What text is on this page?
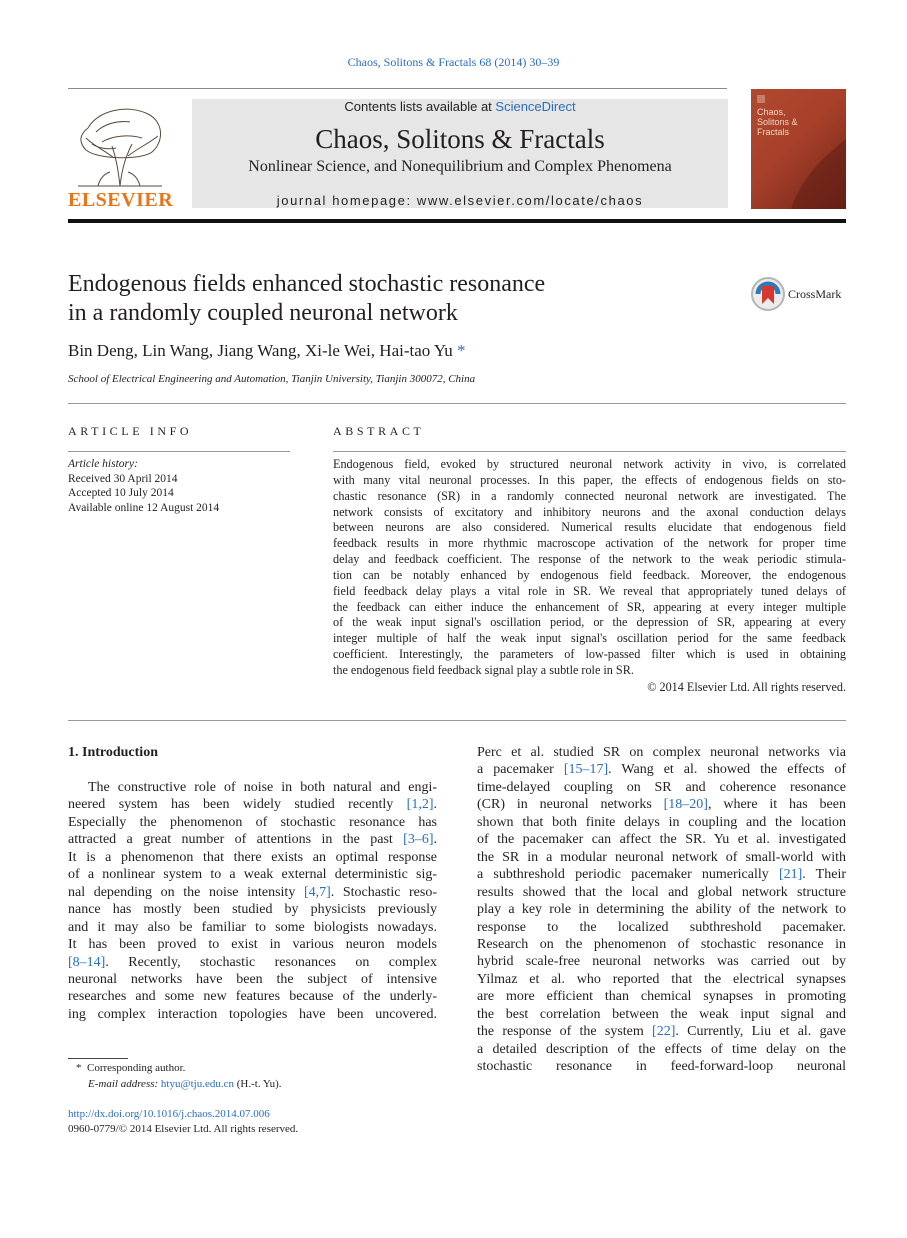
Chaos, Solitons & Fractals 68 (2014) 30–39
ELSEVIER
Contents lists available at ScienceDirect
Chaos, Solitons & Fractals
Nonlinear Science, and Nonequilibrium and Complex Phenomena
journal homepage: www.elsevier.com/locate/chaos
Chaos, Solitons & Fractals
Endogenous fields enhanced stochastic resonance
in a randomly coupled neuronal network
CrossMark
Bin Deng, Lin Wang, Jiang Wang, Xi-le Wei, Hai-tao Yu *
School of Electrical Engineering and Automation, Tianjin University, Tianjin 300072, China
ARTICLE INFO
Article history:
Received 30 April 2014
Accepted 10 July 2014
Available online 12 August 2014
ABSTRACT
Endogenous field, evoked by structured neuronal network activity in vivo, is correlated
with many vital neuronal processes. In this paper, the effects of endogenous fields on sto-
chastic resonance (SR) in a randomly connected neuronal network are investigated. The
network consists of excitatory and inhibitory neurons and the axonal conduction delays
between neurons are also considered. Numerical results elucidate that endogenous field
feedback results in more rhythmic macroscope activation of the network for proper time
delay and feedback coefficient. The response of the network to the weak periodic stimula-
tion can be notably enhanced by endogenous field feedback. Moreover, the endogenous
field feedback delay plays a vital role in SR. We reveal that appropriately tuned delays of
the feedback can either induce the enhancement of SR, appearing at every integer multiple
of the weak input signal's oscillation period, or the depression of SR, appearing at every
integer multiple of half the weak input signal's oscillation period for the same feedback
coefficient. Interestingly, the parameters of low-passed filter which is used in obtaining
the endogenous field feedback signal play a subtle role in SR.
© 2014 Elsevier Ltd. All rights reserved.
1. Introduction
The constructive role of noise in both natural and engi-
neered system has been widely studied recently [1,2].
Especially the phenomenon of stochastic resonance has
attracted a great number of attentions in the past [3–6].
It is a phenomenon that there exists an optimal response
of a nonlinear system to a weak external deterministic sig-
nal depending on the noise intensity [4,7]. Stochastic reso-
nance has mostly been studied by physicists previously
and it may also be familiar to some biologists nowadays.
It has been proved to exist in various neuron models
[8–14]. Recently, stochastic resonances on complex
neuronal networks have been the subject of intensive
researches and some new features because of the underly-
ing complex interaction topologies have been uncovered.
Perc et al. studied SR on complex neuronal networks via
a pacemaker [15–17]. Wang et al. showed the effects of
time-delayed coupling on SR and coherence resonance
(CR) in neuronal networks [18–20], where it has been
shown that both finite delays in coupling and the location
of the pacemaker can affect the SR. Yu et al. investigated
the SR in a modular neuronal network of small-world with
a subthreshold periodic pacemaker numerically [21]. Their
results showed that the local and global network structure
play a key role in determining the ability of the network to
response to the localized subthreshold pacemaker.
Research on the phenomenon of stochastic resonance in
hybrid scale-free neuronal networks was carried out by
Yilmaz et al. who reported that the electrical synapses
are more efficient than chemical synapses in promoting
the best correlation between the weak input signal and
the response of the system [22]. Currently, Liu et al. gave
a detailed description of the effects of time delay on the
stochastic resonance in feed-forward-loop neuronal
* Corresponding author.
E-mail address: htyu@tju.edu.cn (H.-t. Yu).
http://dx.doi.org/10.1016/j.chaos.2014.07.006
0960-0779/© 2014 Elsevier Ltd. All rights reserved.
